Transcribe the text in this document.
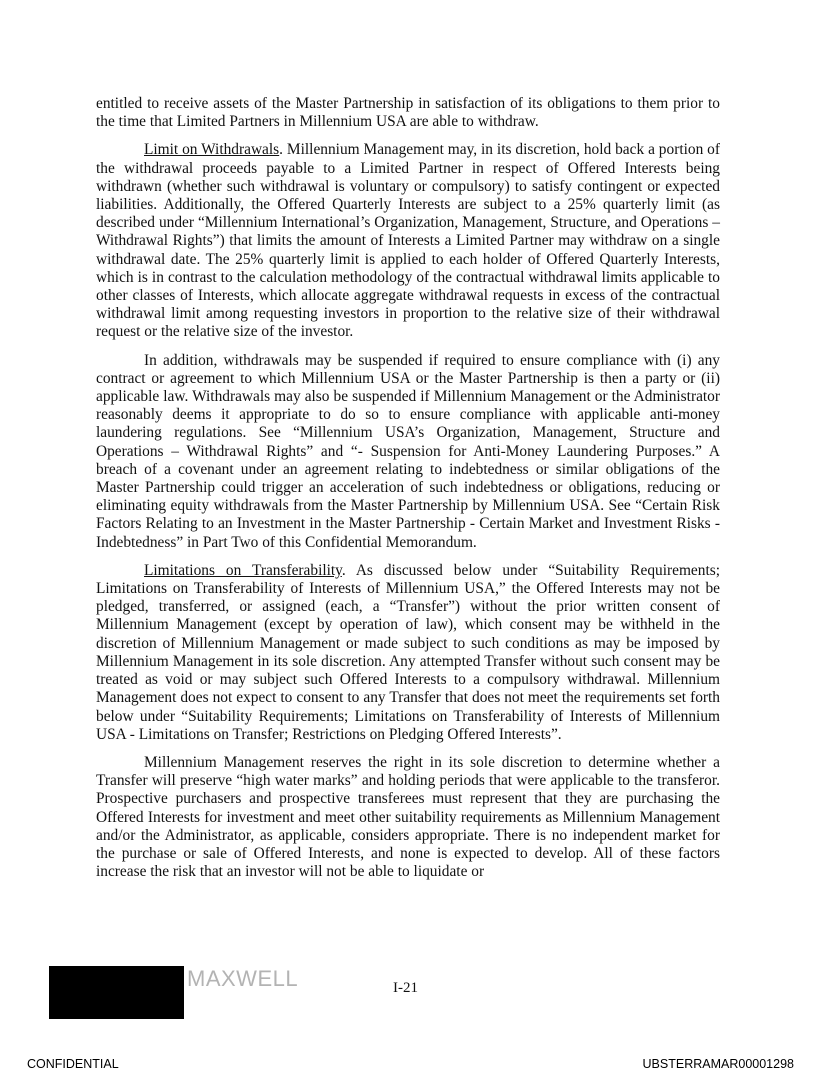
entitled to receive assets of the Master Partnership in satisfaction of its obligations to them prior to the time that Limited Partners in Millennium USA are able to withdraw.

Limit on Withdrawals. Millennium Management may, in its discretion, hold back a portion of the withdrawal proceeds payable to a Limited Partner in respect of Offered Interests being withdrawn (whether such withdrawal is voluntary or compulsory) to satisfy contingent or expected liabilities. Additionally, the Offered Quarterly Interests are subject to a 25% quarterly limit (as described under “Millennium International’s Organization, Management, Structure, and Operations – Withdrawal Rights”) that limits the amount of Interests a Limited Partner may withdraw on a single withdrawal date. The 25% quarterly limit is applied to each holder of Offered Quarterly Interests, which is in contrast to the calculation methodology of the contractual withdrawal limits applicable to other classes of Interests, which allocate aggregate withdrawal requests in excess of the contractual withdrawal limit among requesting investors in proportion to the relative size of their withdrawal request or the relative size of the investor.

In addition, withdrawals may be suspended if required to ensure compliance with (i) any contract or agreement to which Millennium USA or the Master Partnership is then a party or (ii) applicable law. Withdrawals may also be suspended if Millennium Management or the Administrator reasonably deems it appropriate to do so to ensure compliance with applicable anti-money laundering regulations. See “Millennium USA’s Organization, Management, Structure and Operations – Withdrawal Rights” and “- Suspension for Anti-Money Laundering Purposes.” A breach of a covenant under an agreement relating to indebtedness or similar obligations of the Master Partnership could trigger an acceleration of such indebtedness or obligations, reducing or eliminating equity withdrawals from the Master Partnership by Millennium USA. See “Certain Risk Factors Relating to an Investment in the Master Partnership - Certain Market and Investment Risks - Indebtedness” in Part Two of this Confidential Memorandum.

Limitations on Transferability. As discussed below under “Suitability Requirements; Limitations on Transferability of Interests of Millennium USA,” the Offered Interests may not be pledged, transferred, or assigned (each, a “Transfer”) without the prior written consent of Millennium Management (except by operation of law), which consent may be withheld in the discretion of Millennium Management or made subject to such conditions as may be imposed by Millennium Management in its sole discretion. Any attempted Transfer without such consent may be treated as void or may subject such Offered Interests to a compulsory withdrawal. Millennium Management does not expect to consent to any Transfer that does not meet the requirements set forth below under “Suitability Requirements; Limitations on Transferability of Interests of Millennium USA - Limitations on Transfer; Restrictions on Pledging Offered Interests”.

Millennium Management reserves the right in its sole discretion to determine whether a Transfer will preserve “high water marks” and holding periods that were applicable to the transferor. Prospective purchasers and prospective transferees must represent that they are purchasing the Offered Interests for investment and meet other suitability requirements as Millennium Management and/or the Administrator, as applicable, considers appropriate. There is no independent market for the purchase or sale of Offered Interests, and none is expected to develop. All of these factors increase the risk that an investor will not be able to liquidate or

MAXWELL	I-21
CONFIDENTIAL	UBSTERRAMAR00001298
